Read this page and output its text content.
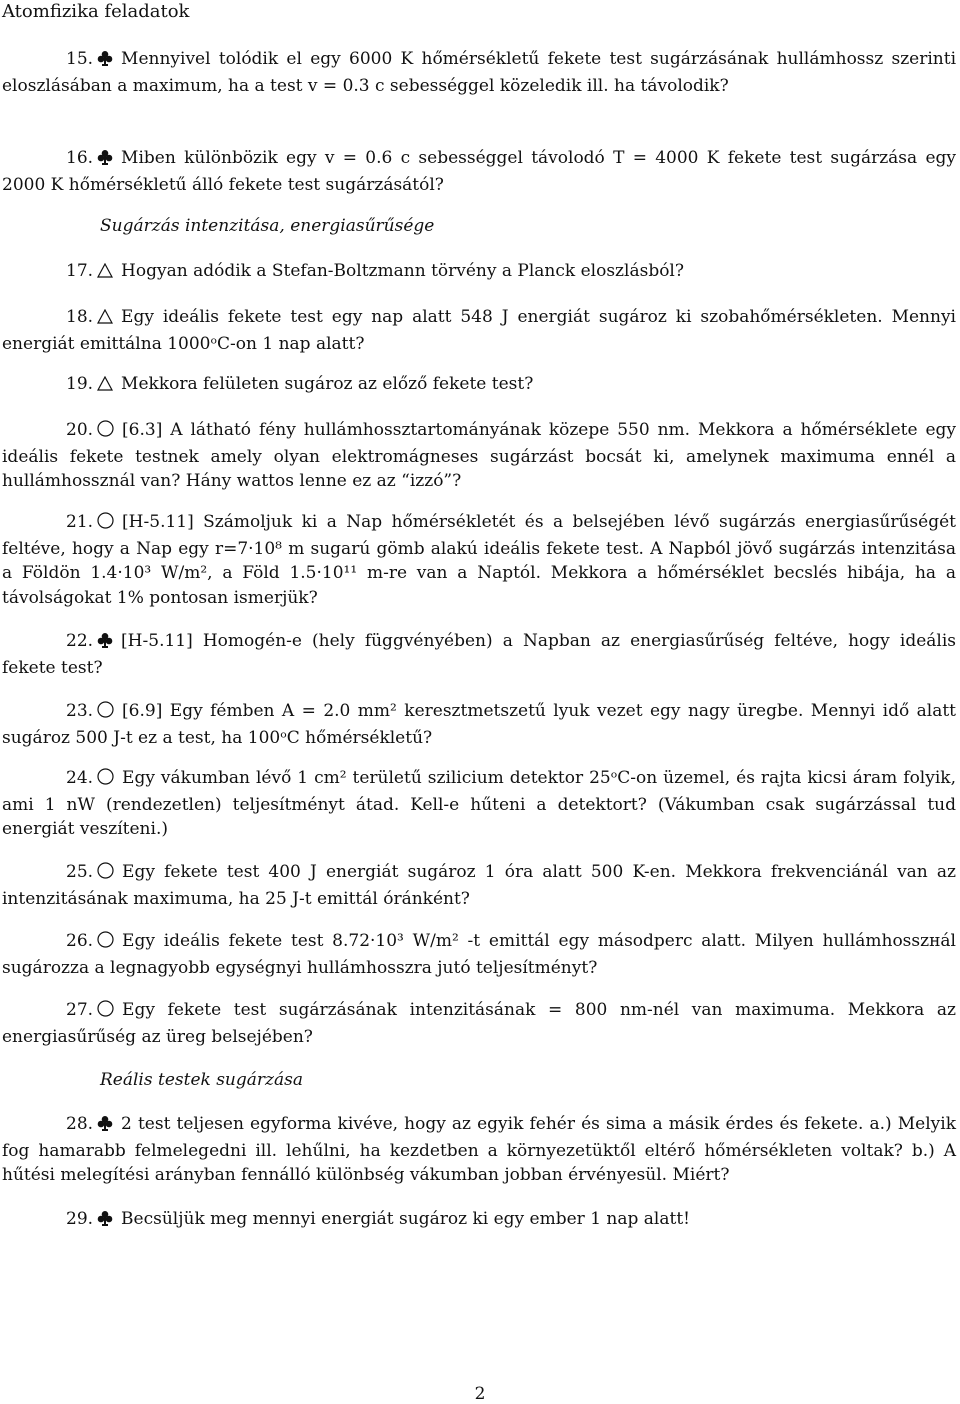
Atomfizika feladatok

15. Mennyivel tolódik el egy 6000 K hőmérsékletű fekete test sugárzásának hullámhossz szerinti eloszlásában a maximum, ha a test v = 0.3 c sebességgel közeledik ill. ha távolodik?

16. Miben különbözik egy v = 0.6 c sebességgel távolodó T = 4000 K fekete test sugárzása egy 2000 K hőmérsékletű álló fekete test sugárzásától?

Sugárzás intenzitása, energiasűrűsége

17. Hogyan adódik a Stefan-Boltzmann törvény a Planck eloszlásból?

18. Egy ideális fekete test egy nap alatt 548 J energiát sugároz ki szobahőmérsékleten. Mennyi energiát emittálna 1000ᵒC-on 1 nap alatt?

19. Mekkora felületen sugároz az előző fekete test?

20. [6.3] A látható fény hullámhossztartományának közepe 550 nm. Mekkora a hőmérséklete egy ideális fekete testnek amely olyan elektromágneses sugárzást bocsát ki, amelynek maximuma ennél a hullámhossznál van? Hány wattos lenne ez az “izzó”?

21. [H-5.11] Számoljuk ki a Nap hőmérsékletét és a belsejében lévő sugárzás energiasűrűségét feltéve, hogy a Nap egy r=7·10⁸ m sugarú gömb alakú ideális fekete test. A Napból jövő sugárzás intenzitása a Földön 1.4·10³ W/m², a Föld 1.5·10¹¹ m-re van a Naptól. Mekkora a hőmérséklet becslés hibája, ha a távolságokat 1% pontosan ismerjük?

22. [H-5.11] Homogén-e (hely függvényében) a Napban az energiasűrűség feltéve, hogy ideális fekete test?

23. [6.9] Egy fémben A = 2.0 mm² keresztmetszetű lyuk vezet egy nagy üregbe. Mennyi idő alatt sugároz 500 J-t ez a test, ha 100ᵒC hőmérsékletű?

24. Egy vákumban lévő 1 cm² területű szilicium detektor 25ᵒC-on üzemel, és rajta kicsi áram folyik, ami 1 nW (rendezetlen) teljesítményt átad. Kell-e hűteni a detektort? (Vákumban csak sugárzással tud energiát veszíteni.)

25. Egy fekete test 400 J energiát sugároz 1 óra alatt 500 K-en. Mekkora frekvenciánál van az intenzitásának maximuma, ha 25 J-t emittál óránként?

26. Egy ideális fekete test 8.72·10³ W/m² -t emittál egy másodperc alatt. Milyen hullámhosszнál sugározza a legnagyobb egységnyi hullámhosszra jutó teljesítményt?

27. Egy fekete test sugárzásának intenzitásának = 800 nm-nél van maximuma. Mekkora az energiasűrűség az üreg belsejében?

Reális testek sugárzása

28. 2 test teljesen egyforma kivéve, hogy az egyik fehér és sima a másik érdes és fekete. a.) Melyik fog hamarabb felmelegedni ill. lehűlni, ha kezdetben a környezetüktől eltérő hőmérsékleten voltak? b.) A hűtési melegítési arányban fennálló különbség vákumban jobban érvényesül. Miért?

29. Becsüljük meg mennyi energiát sugároz ki egy ember 1 nap alatt!

2
